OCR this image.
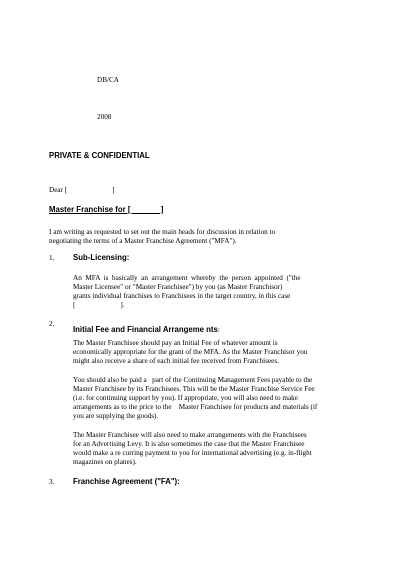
DB/CA
2008
PRIVATE & CONFIDENTIAL
Dear [                         ]
Master Franchise for [              ]
I am writing as requested to set out the main heads for discussion in relation to
negotiating the terms of a Master Franchise Agreement ("MFA").
1. Sub-Licensing:
An  MFA  is  basically  an  arrangement  whereby  the  person  appointed  ("the
Master Licensee" or "Master Franchisee") by you (as Master Franchisor)
grants individual franchises to Franchisees in the target country, in this case
[                         ].
2.
Initial Fee and Financial Arrangeme nts:
The Master Franchisee should pay an Initial Fee of whatever amount is
economically appropriate for the grant of the MFA. As the Master Franchisor you
might also receive a share of each initial fee received from Franchisees.
You should also be paid a   part of the Continuing Management Fees payable to the
Master Franchisee by its Franchisees. This will be the Master Franchise Service Fee
(i.e. for continuing support by you). If appropriate, you will also need to make
arrangements as to the price to the    Master Franchisee for products and materials (if
you are supplying the goods).
The Master Franchisee will also need to make arrangements with the Franchisees
for an Advertising Levy. It is also sometimes the case that the Master Franchisee
would make a re curring payment to you for international advertising (e.g. in-flight
magazines on planes).
3. Franchise Agreement ("FA"):
